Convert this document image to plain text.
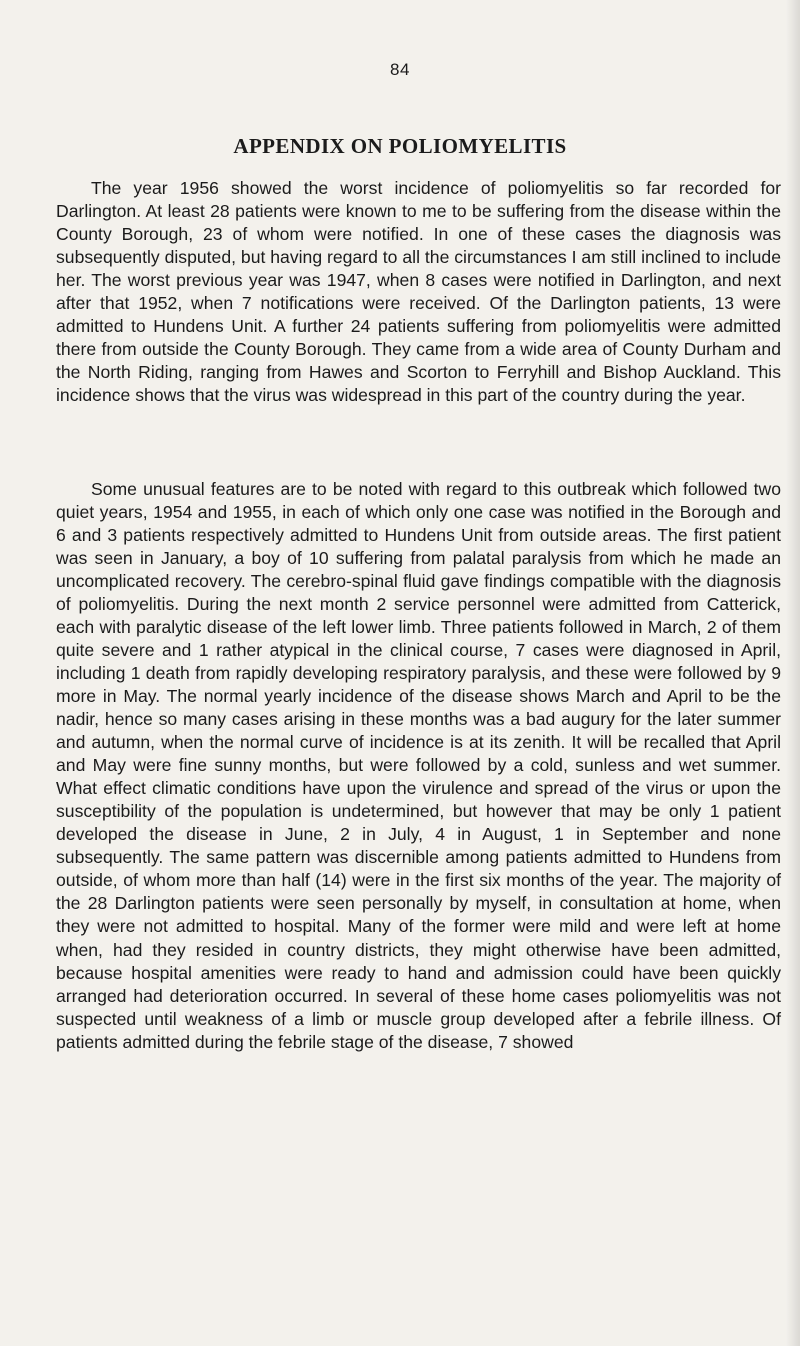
84
APPENDIX ON POLIOMYELITIS

The year 1956 showed the worst incidence of poliomyelitis so far recorded for Darlington. At least 28 patients were known to me to be suffering from the disease within the County Borough, 23 of whom were notified. In one of these cases the diagnosis was subsequently disputed, but having regard to all the circumstances I am still inclined to include her. The worst previous year was 1947, when 8 cases were notified in Darlington, and next after that 1952, when 7 notifications were received. Of the Darlington patients, 13 were admitted to Hundens Unit. A further 24 patients suffering from poliomyelitis were admitted there from outside the County Borough. They came from a wide area of County Durham and the North Riding, ranging from Hawes and Scorton to Ferryhill and Bishop Auckland. This incidence shows that the virus was widespread in this part of the country during the year.

Some unusual features are to be noted with regard to this outbreak which followed two quiet years, 1954 and 1955, in each of which only one case was notified in the Borough and 6 and 3 patients respectively admitted to Hundens Unit from outside areas. The first patient was seen in January, a boy of 10 suffering from palatal paralysis from which he made an uncomplicated recovery. The cerebro-spinal fluid gave findings compatible with the diagnosis of poliomyelitis. During the next month 2 service personnel were admitted from Catterick, each with paralytic disease of the left lower limb. Three patients followed in March, 2 of them quite severe and 1 rather atypical in the clinical course, 7 cases were diagnosed in April, including 1 death from rapidly developing respiratory paralysis, and these were followed by 9 more in May. The normal yearly incidence of the disease shows March and April to be the nadir, hence so many cases arising in these months was a bad augury for the later summer and autumn, when the normal curve of incidence is at its zenith. It will be recalled that April and May were fine sunny months, but were followed by a cold, sunless and wet summer. What effect climatic conditions have upon the virulence and spread of the virus or upon the susceptibility of the population is undetermined, but however that may be only 1 patient developed the disease in June, 2 in July, 4 in August, 1 in September and none subsequently. The same pattern was discernible among patients admitted to Hundens from outside, of whom more than half (14) were in the first six months of the year. The majority of the 28 Darlington patients were seen personally by myself, in consultation at home, when they were not admitted to hospital. Many of the former were mild and were left at home when, had they resided in country districts, they might otherwise have been admitted, because hospital amenities were ready to hand and admission could have been quickly arranged had deterioration occurred. In several of these home cases poliomyelitis was not suspected until weakness of a limb or muscle group developed after a febrile illness. Of patients admitted during the febrile stage of the disease, 7 showed
